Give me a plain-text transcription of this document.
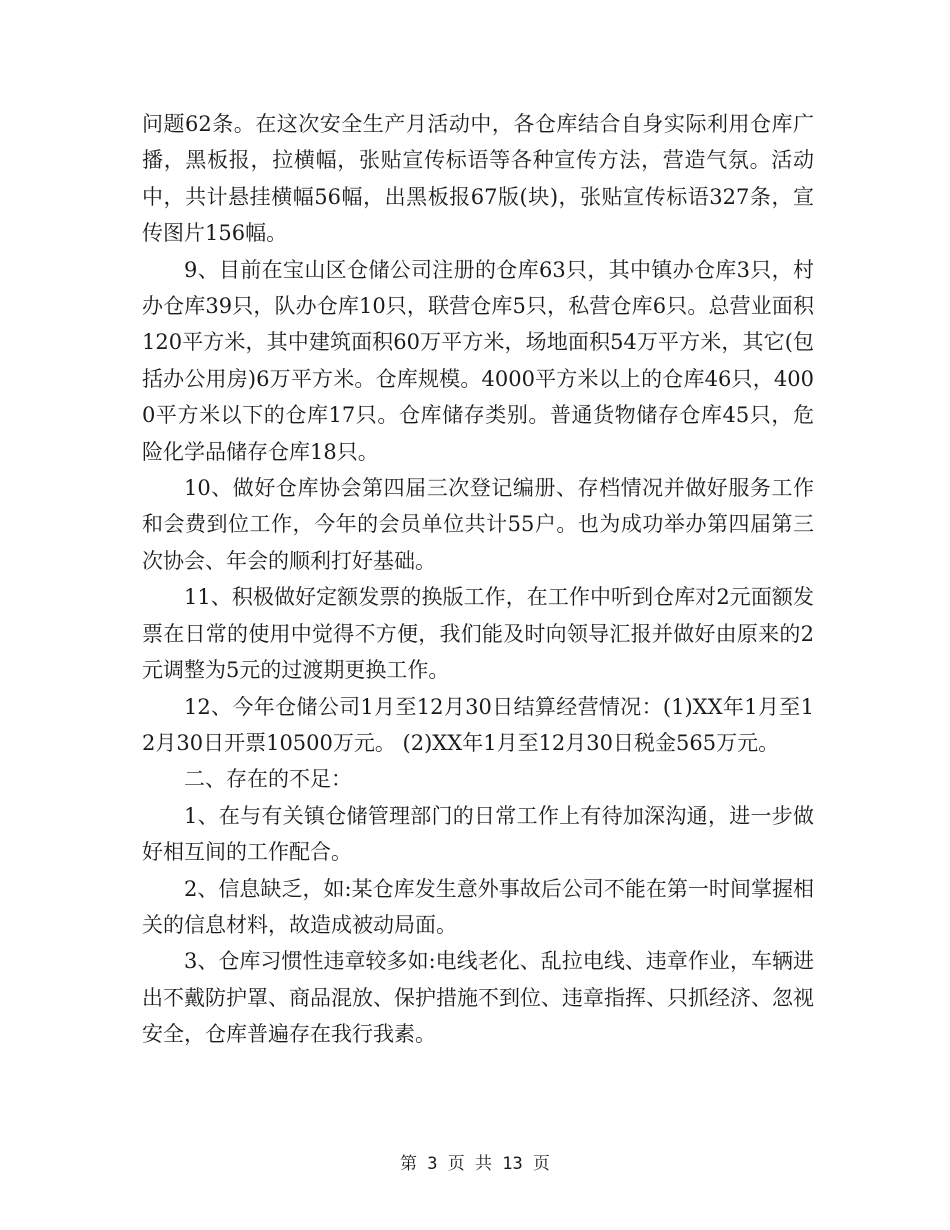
问题62条。在这次安全生产月活动中，各仓库结合自身实际利用仓库广播，黑板报，拉横幅，张贴宣传标语等各种宣传方法，营造气氛。活动中，共计悬挂横幅56幅，出黑板报67版(块)，张贴宣传标语327条，宣传图片156幅。

9、目前在宝山区仓储公司注册的仓库63只，其中镇办仓库3只，村办仓库39只，队办仓库10只，联营仓库5只，私营仓库6只。总营业面积120平方米，其中建筑面积60万平方米，场地面积54万平方米，其它(包括办公用房)6万平方米。仓库规模。4000平方米以上的仓库46只，4000平方米以下的仓库17只。仓库储存类别。普通货物储存仓库45只，危险化学品储存仓库18只。

10、做好仓库协会第四届三次登记编册、存档情况并做好服务工作和会费到位工作，今年的会员单位共计55户。也为成功举办第四届第三次协会、年会的顺利打好基础。

11、积极做好定额发票的换版工作，在工作中听到仓库对2元面额发票在日常的使用中觉得不方便，我们能及时向领导汇报并做好由原来的2元调整为5元的过渡期更换工作。

12、今年仓储公司1月至12月30日结算经营情况：(1)XX年1月至12月30日开票10500万元。 (2)XX年1月至12月30日税金565万元。

二、存在的不足：

1、在与有关镇仓储管理部门的日常工作上有待加深沟通，进一步做好相互间的工作配合。

2、信息缺乏，如:某仓库发生意外事故后公司不能在第一时间掌握相关的信息材料，故造成被动局面。

3、仓库习惯性违章较多如:电线老化、乱拉电线、违章作业，车辆进出不戴防护罩、商品混放、保护措施不到位、违章指挥、只抓经济、忽视安全，仓库普遍存在我行我素。

第 3 页 共 13 页
